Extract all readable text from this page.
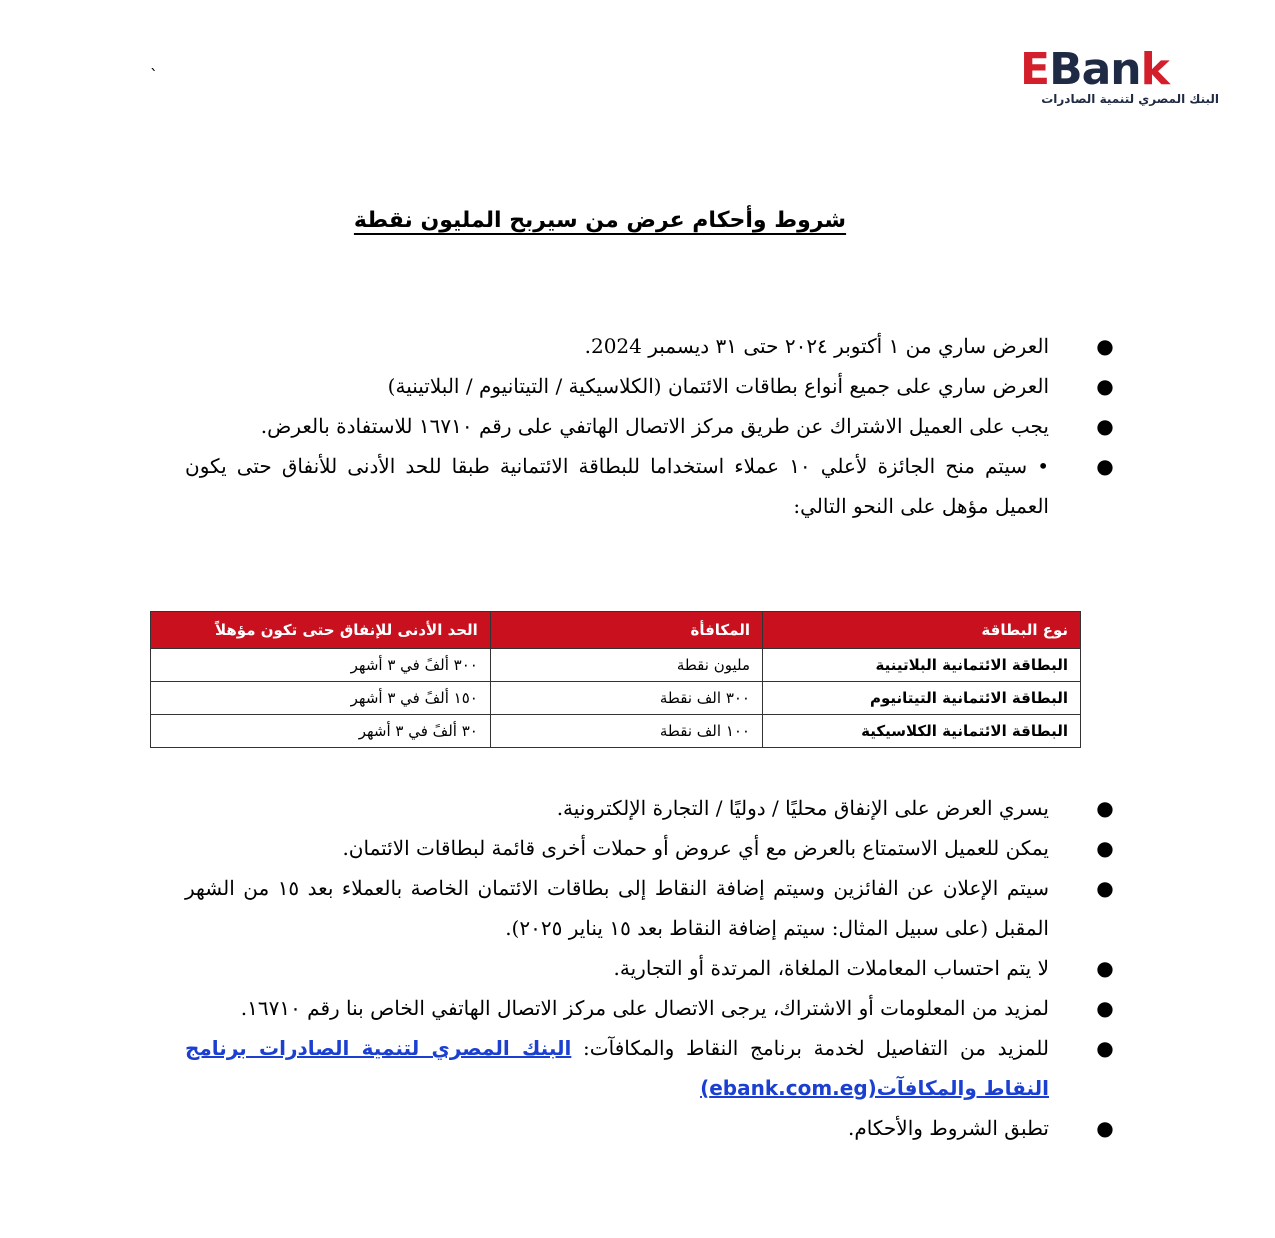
`	EBank
البنك المصري لتنمية الصادرات
شروط وأحكام عرض من سيربح المليون نقطة
●
العرض ساري من ١ أكتوبر ٢٠٢٤ حتى ٣١ ديسمبر 2024.
●
العرض ساري على جميع أنواع بطاقات الائتمان (الكلاسيكية / التيتانيوم / البلاتينية)
●
يجب على العميل الاشتراك عن طريق مركز الاتصال الهاتفي على رقم ١٦٧١٠ للاستفادة بالعرض.
●
• سيتم منح الجائزة لأعلي ١٠ عملاء استخداما للبطاقة الائتمانية طبقا للحد الأدنى للأنفاق حتى يكون العميل مؤهل على النحو التالي:
نوع البطاقة	المكافأة	الحد الأدنى للإنفاق حتى تكون مؤهلاً
البطاقة الائتمانية البلاتينية	مليون نقطة	٣٠٠ ألفً في ٣ أشهر
البطاقة الائتمانية التيتانيوم	٣٠٠ الف نقطة	١٥٠ ألفً في ٣ أشهر
البطاقة الائتمانية الكلاسيكية	١٠٠ الف نقطة	٣٠ ألفً في ٣ أشهر
●
يسري العرض على الإنفاق محليًا / دوليًا / التجارة الإلكترونية.
●
يمكن للعميل الاستمتاع بالعرض مع أي عروض أو حملات أخرى قائمة لبطاقات الائتمان.
●
سيتم الإعلان عن الفائزين وسيتم إضافة النقاط إلى بطاقات الائتمان الخاصة بالعملاء بعد ١٥ من الشهر المقبل (على سبيل المثال: سيتم إضافة النقاط بعد ١٥ يناير ٢٠٢٥).
●
لا يتم احتساب المعاملات الملغاة، المرتدة أو التجارية.
●
لمزيد من المعلومات أو الاشتراك، يرجى الاتصال على مركز الاتصال الهاتفي الخاص بنا رقم ١٦٧١٠.
●
للمزيد من التفاصيل لخدمة برنامج النقاط والمكافآت: البنك المصري لتنمية الصادرات برنامج النقاط والمكافآت(ebank.com.eg)
●
تطبق الشروط والأحكام.
